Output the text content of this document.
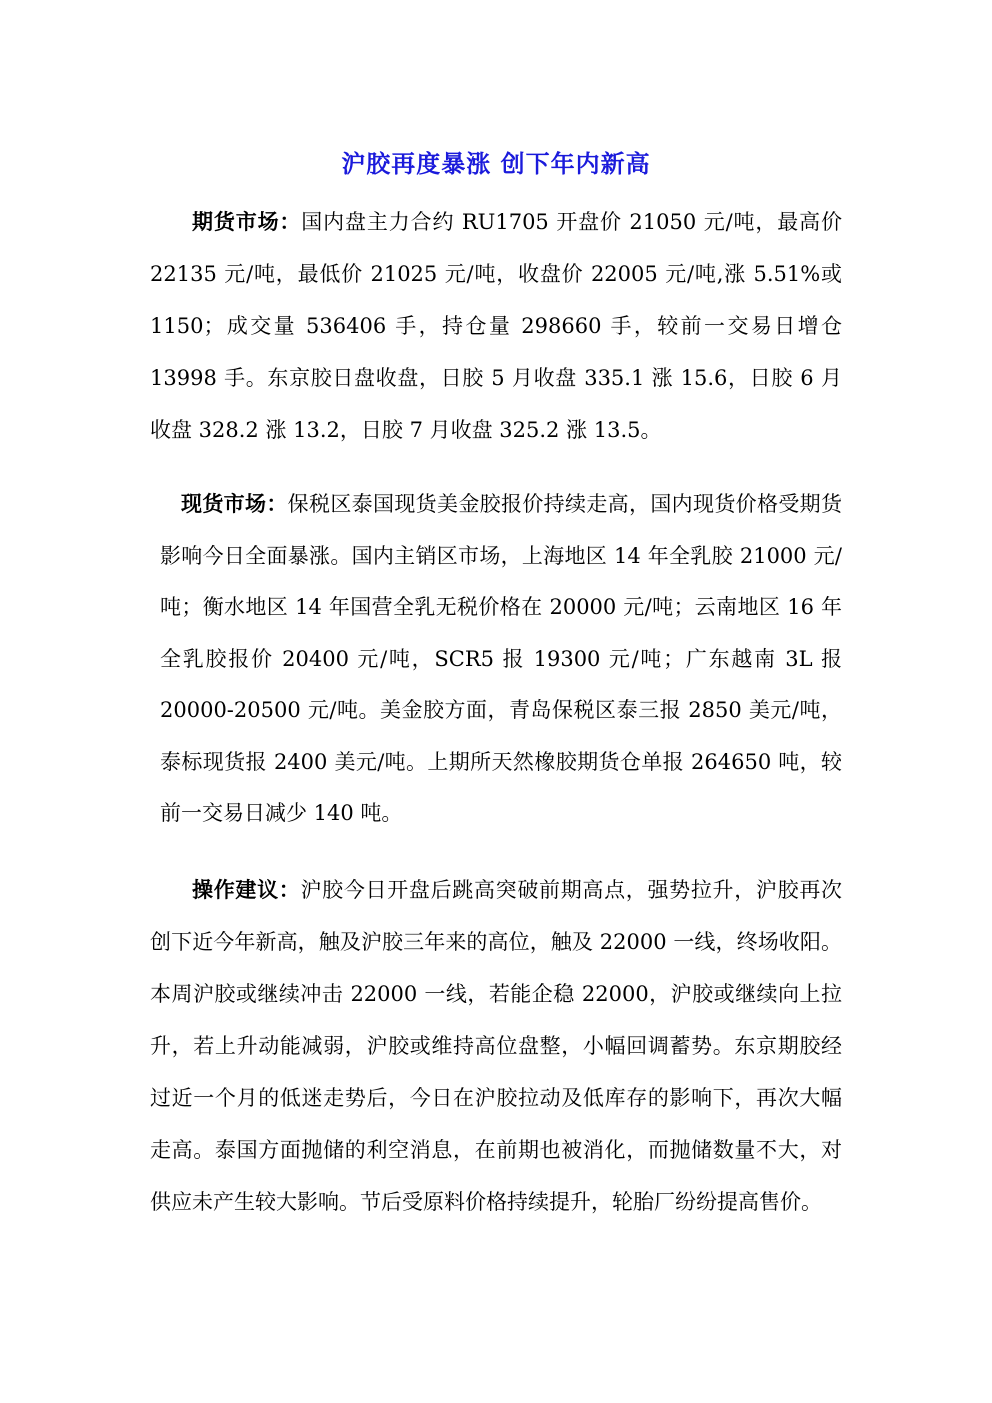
沪胶再度暴涨 创下年内新高

期货市场：国内盘主力合约 RU1705 开盘价 21050 元/吨，最高价 22135 元/吨，最低价 21025 元/吨，收盘价 22005 元/吨,涨 5.51%或 1150；成交量 536406 手，持仓量 298660 手，较前一交易日增仓 13998 手。东京胶日盘收盘，日胶 5 月收盘 335.1 涨 15.6，日胶 6 月收盘 328.2 涨 13.2，日胶 7 月收盘 325.2 涨 13.5。

现货市场：保税区泰国现货美金胶报价持续走高，国内现货价格受期货影响今日全面暴涨。国内主销区市场，上海地区 14 年全乳胶 21000 元/吨；衡水地区 14 年国营全乳无税价格在 20000 元/吨；云南地区 16 年全乳胶报价 20400 元/吨，SCR5 报 19300 元/吨；广东越南 3L 报 20000-20500 元/吨。美金胶方面，青岛保税区泰三报 2850 美元/吨，泰标现货报 2400 美元/吨。上期所天然橡胶期货仓单报 264650 吨，较前一交易日减少 140 吨。

操作建议：沪胶今日开盘后跳高突破前期高点，强势拉升，沪胶再次创下近今年新高，触及沪胶三年来的高位，触及 22000 一线，终场收阳。本周沪胶或继续冲击 22000 一线，若能企稳 22000，沪胶或继续向上拉升，若上升动能减弱，沪胶或维持高位盘整，小幅回调蓄势。东京期胶经过近一个月的低迷走势后，今日在沪胶拉动及低库存的影响下，再次大幅走高。泰国方面抛储的利空消息，在前期也被消化，而抛储数量不大，对供应未产生较大影响。节后受原料价格持续提升，轮胎厂纷纷提高售价。
